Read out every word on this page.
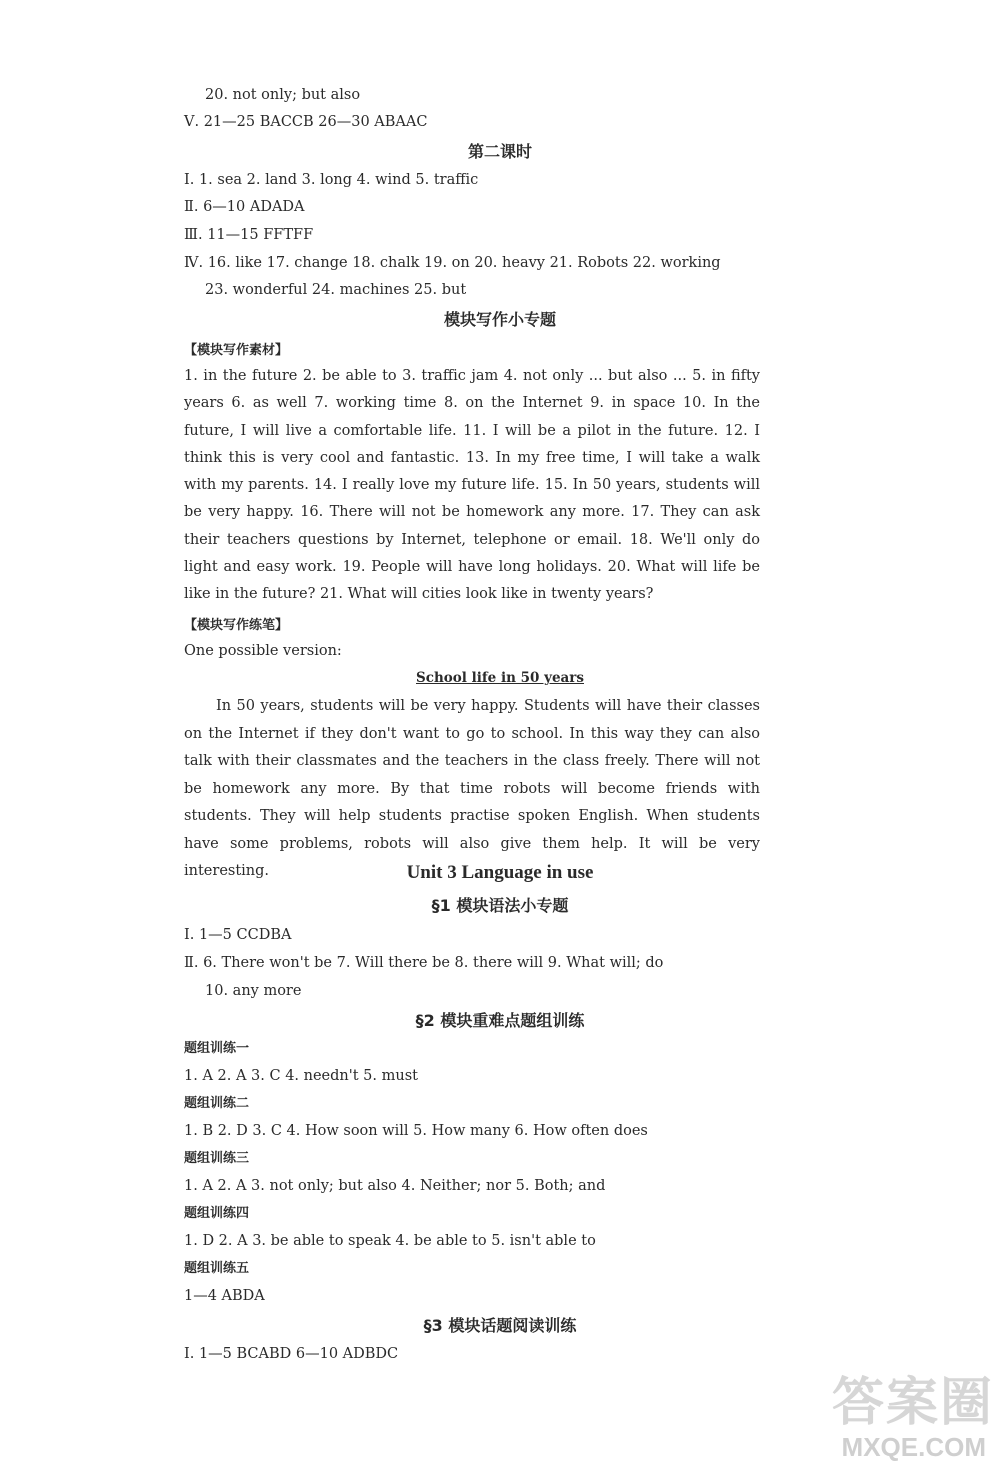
20. not only; but also
Ⅴ. 21—25 BACCB 26—30 ABAAC
第二课时
Ⅰ. 1. sea 2. land 3. long 4. wind 5. traffic
Ⅱ. 6—10 ADADA
Ⅲ. 11—15 FFTFF
Ⅳ. 16. like 17. change 18. chalk 19. on 20. heavy 21. Robots 22. working
23. wonderful 24. machines 25. but
模块写作小专题
【模块写作素材】
1. in the future 2. be able to 3. traffic jam 4. not only ... but also ... 5. in fifty years 6. as well 7. working time 8. on the Internet 9. in space 10. In the future, I will live a comfortable life. 11. I will be a pilot in the future. 12. I think this is very cool and fantastic. 13. In my free time, I will take a walk with my parents. 14. I really love my future life. 15. In 50 years, students will be very happy. 16. There will not be homework any more. 17. They can ask their teachers questions by Internet, telephone or email. 18. We'll only do light and easy work. 19. People will have long holidays. 20. What will life be like in the future? 21. What will cities look like in twenty years?
【模块写作练笔】
One possible version:
School life in 50 years
In 50 years, students will be very happy. Students will have their classes on the Internet if they don't want to go to school. In this way they can also talk with their classmates and the teachers in the class freely. There will not be homework any more. By that time robots will become friends with students. They will help students practise spoken English. When students have some problems, robots will also give them help. It will be very interesting.	Unit 3 Language in use
§1 模块语法小专题
Ⅰ. 1—5 CCDBA
Ⅱ. 6. There won't be 7. Will there be 8. there will 9. What will; do
10. any more
§2 模块重难点题组训练
题组训练一
1. A 2. A 3. C 4. needn't 5. must
题组训练二
1. B 2. D 3. C 4. How soon will 5. How many 6. How often does
题组训练三
1. A 2. A 3. not only; but also 4. Neither; nor 5. Both; and
题组训练四
1. D 2. A 3. be able to speak 4. be able to 5. isn't able to
题组训练五
1—4 ABDA
§3 模块话题阅读训练
Ⅰ. 1—5 BCABD 6—10 ADBDC
答案圈
MXQE.COM
